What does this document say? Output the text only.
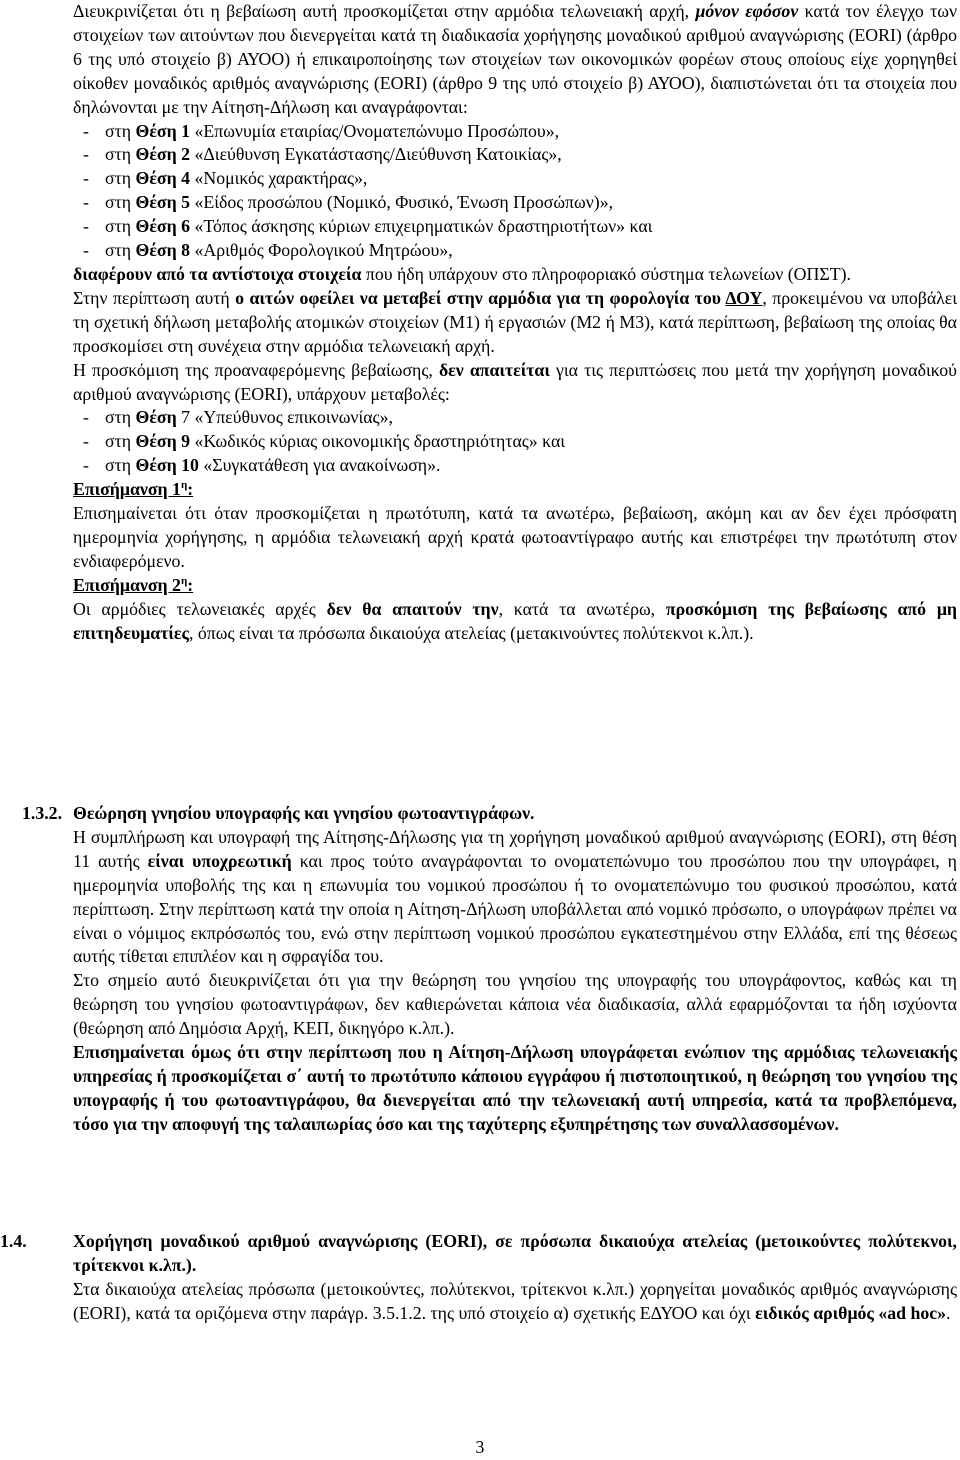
Διευκρινίζεται ότι η βεβαίωση αυτή προσκομίζεται στην αρμόδια τελωνειακή αρχή, μόνον εφόσον κατά τον έλεγχο των στοιχείων των αιτούντων που διενεργείται κατά τη διαδικασία χορήγησης μοναδικού αριθμού αναγνώρισης (EORI) (άρθρο 6 της υπό στοιχείο β) ΑΥΟΟ) ή επικαιροποίησης των στοιχείων των οικονομικών φορέων στους οποίους είχε χορηγηθεί οίκοθεν μοναδικός αριθμός αναγνώρισης (EORI) (άρθρο 9 της υπό στοιχείο β) ΑΥΟΟ), διαπιστώνεται ότι τα στοιχεία που δηλώνονται με την Αίτηση-Δήλωση και αναγράφονται:

- στη Θέση 1 «Επωνυμία εταιρίας/Ονοματεπώνυμο Προσώπου»,
- στη Θέση 2 «Διεύθυνση Εγκατάστασης/Διεύθυνση Κατοικίας»,
- στη Θέση 4 «Νομικός χαρακτήρας»,
- στη Θέση 5 «Είδος προσώπου (Νομικό, Φυσικό, Ένωση Προσώπων)»,
- στη Θέση 6 «Τόπος άσκησης κύριων επιχειρηματικών δραστηριοτήτων» και
- στη Θέση 8 «Αριθμός Φορολογικού Μητρώου»,

διαφέρουν από τα αντίστοιχα στοιχεία που ήδη υπάρχουν στο πληροφοριακό σύστημα τελωνείων (ΟΠΣΤ).

Στην περίπτωση αυτή ο αιτών οφείλει να μεταβεί στην αρμόδια για τη φορολογία του ΔΟΥ, προκειμένου να υποβάλει τη σχετική δήλωση μεταβολής ατομικών στοιχείων (Μ1) ή εργασιών (Μ2 ή Μ3), κατά περίπτωση, βεβαίωση της οποίας θα προσκομίσει στη συνέχεια στην αρμόδια τελωνειακή αρχή.

Η προσκόμιση της προαναφερόμενης βεβαίωσης, δεν απαιτείται για τις περιπτώσεις που μετά την χορήγηση μοναδικού αριθμού αναγνώρισης (EORI), υπάρχουν μεταβολές:

- στη Θέση 7 «Υπεύθυνος επικοινωνίας»,
- στη Θέση 9 «Κωδικός κύριας οικονομικής δραστηριότητας» και
- στη Θέση 10 «Συγκατάθεση για ανακοίνωση».

Επισήμανση $1^\eta$:

Επισημαίνεται ότι όταν προσκομίζεται η πρωτότυπη, κατά τα ανωτέρω, βεβαίωση, ακόμη και αν δεν έχει πρόσφατη ημερομηνία χορήγησης, η αρμόδια τελωνειακή αρχή κρατά φωτοαντίγραφο αυτής και επιστρέφει την πρωτότυπη στον ενδιαφερόμενο.

Επισήμανση $2^\eta$:

Οι αρμόδιες τελωνειακές αρχές δεν θα απαιτούν την, κατά τα ανωτέρω, προσκόμιση της βεβαίωσης από μη επιτηδευματίες, όπως είναι τα πρόσωπα δικαιούχα ατελείας (μετακινούντες πολύτεκνοι κ.λπ.).

1.3.2. Θεώρηση γνησίου υπογραφής και γνησίου φωτοαντιγράφων.

Η συμπλήρωση και υπογραφή της Αίτησης-Δήλωσης για τη χορήγηση μοναδικού αριθμού αναγνώρισης (EORI), στη θέση 11 αυτής είναι υποχρεωτική και προς τούτο αναγράφονται το ονοματεπώνυμο του προσώπου που την υπογράφει, η ημερομηνία υποβολής της και η επωνυμία του νομικού προσώπου ή το ονοματεπώνυμο του φυσικού προσώπου, κατά περίπτωση. Στην περίπτωση κατά την οποία η Αίτηση-Δήλωση υποβάλλεται από νομικό πρόσωπο, ο υπογράφων πρέπει να είναι ο νόμιμος εκπρόσωπός του, ενώ στην περίπτωση νομικού προσώπου εγκατεστημένου στην Ελλάδα, επί της θέσεως αυτής τίθεται επιπλέον και η σφραγίδα του.

Στο σημείο αυτό διευκρινίζεται ότι για την θεώρηση του γνησίου της υπογραφής του υπογράφοντος, καθώς και τη θεώρηση του γνησίου φωτοαντιγράφων, δεν καθιερώνεται κάποια νέα διαδικασία, αλλά εφαρμόζονται τα ήδη ισχύοντα (θεώρηση από Δημόσια Αρχή, ΚΕΠ, δικηγόρο κ.λπ.).

Επισημαίνεται όμως ότι στην περίπτωση που η Αίτηση-Δήλωση υπογράφεται ενώπιον της αρμόδιας τελωνειακής υπηρεσίας ή προσκομίζεται σ΄ αυτή το πρωτότυπο κάποιου εγγράφου ή πιστοποιητικού, η θεώρηση του γνησίου της υπογραφής ή του φωτοαντιγράφου, θα διενεργείται από την τελωνειακή αυτή υπηρεσία, κατά τα προβλεπόμενα, τόσο για την αποφυγή της ταλαιπωρίας όσο και της ταχύτερης εξυπηρέτησης των συναλλασσομένων.

1.4.	Χορήγηση μοναδικού αριθμού αναγνώρισης (EORI), σε πρόσωπα δικαιούχα ατελείας (μετοικούντες πολύτεκνοι, τρίτεκνοι κ.λπ.).

Στα δικαιούχα ατελείας πρόσωπα (μετοικούντες, πολύτεκνοι, τρίτεκνοι κ.λπ.) χορηγείται μοναδικός αριθμός αναγνώρισης (EORI), κατά τα οριζόμενα στην παράγρ. 3.5.1.2. της υπό στοιχείο α) σχετικής ΕΔΥΟΟ και όχι ειδικός αριθμός «ad hoc».

3
